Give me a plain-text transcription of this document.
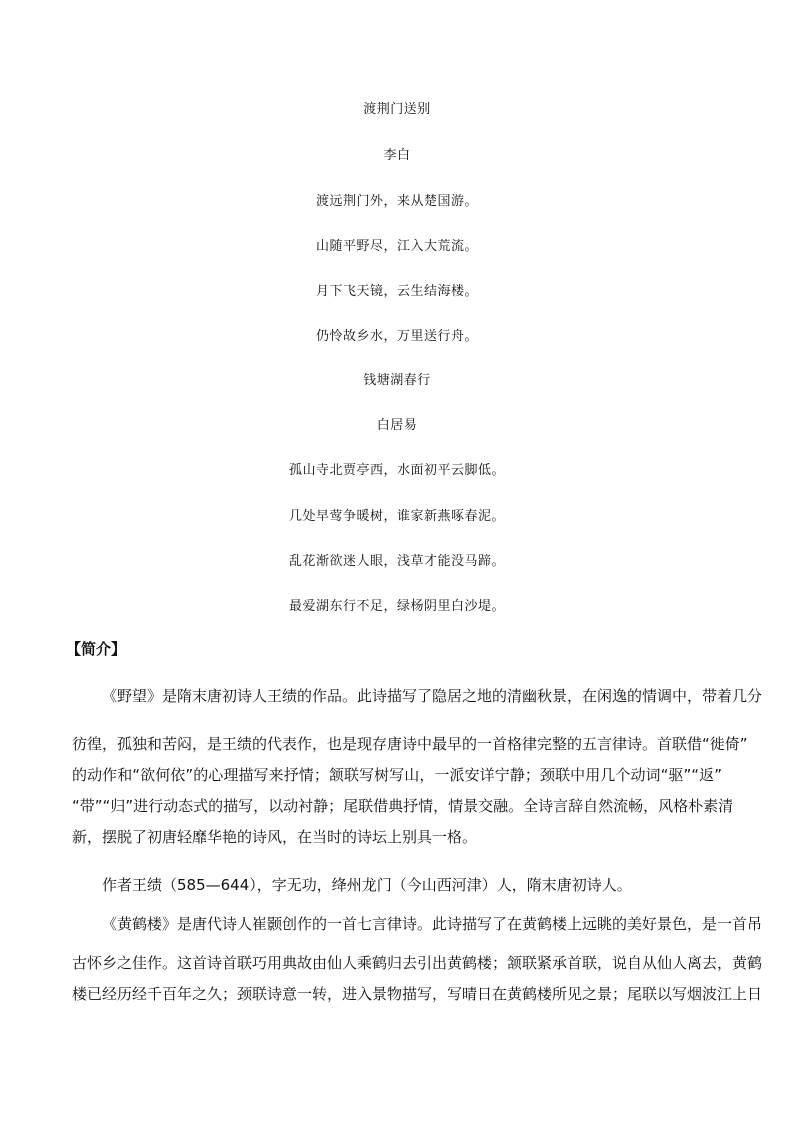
渡荆门送别
李白
渡远荆门外，来从楚国游。
山随平野尽，江入大荒流。
月下飞天镜，云生结海楼。
仍怜故乡水，万里送行舟。
钱塘湖春行
白居易
孤山寺北贾亭西，水面初平云脚低。
几处早莺争暖树，谁家新燕啄春泥。
乱花渐欲迷人眼，浅草才能没马蹄。
最爱湖东行不足，绿杨阴里白沙堤。
【简介】
《野望》是隋末唐初诗人王绩的作品。此诗描写了隐居之地的清幽秋景，在闲逸的情调中，带着几分
彷徨，孤独和苦闷，是王绩的代表作，也是现存唐诗中最早的一首格律完整的五言律诗。首联借“徙倚”
的动作和“欲何依”的心理描写来抒情；颔联写树写山，一派安详宁静；颈联中用几个动词“驱”“返”
“带”“归”进行动态式的描写，以动衬静；尾联借典抒情，情景交融。全诗言辞自然流畅，风格朴素清
新，摆脱了初唐轻靡华艳的诗风，在当时的诗坛上别具一格。
作者王绩（585—644），字无功，绛州龙门（今山西河津）人，隋末唐初诗人。
《黄鹤楼》是唐代诗人崔颢创作的一首七言律诗。此诗描写了在黄鹤楼上远眺的美好景色，是一首吊
古怀乡之佳作。这首诗首联巧用典故由仙人乘鹤归去引出黄鹤楼；颔联紧承首联，说自从仙人离去，黄鹤
楼已经历经千百年之久；颈联诗意一转，进入景物描写，写晴日在黄鹤楼所见之景；尾联以写烟波江上日
